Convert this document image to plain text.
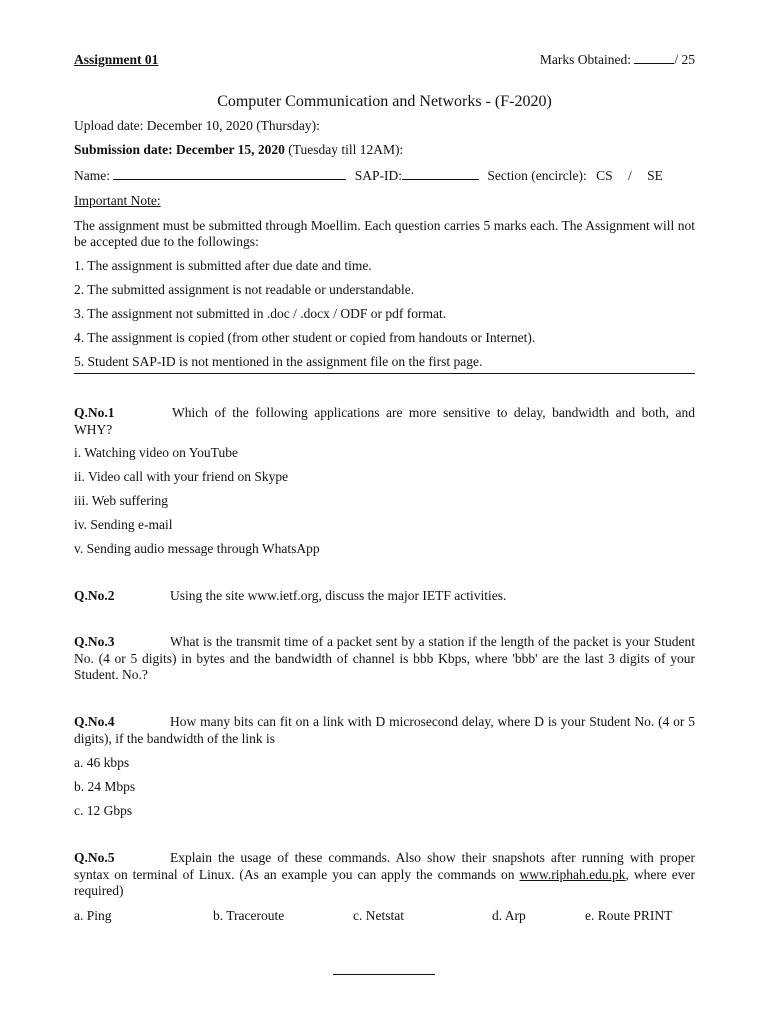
Assignment 01	Marks Obtained:	/ 25
Computer Communication and Networks - (F-2020)
Upload date: December 10, 2020 (Thursday):
Submission date: December 15, 2020 (Tuesday till 12AM):
Name:	SAP-ID:	Section (encircle): CS / SE
Important Note:
The assignment must be submitted through Moellim. Each question carries 5 marks each. The Assignment will not be accepted due to the followings:

1. The assignment is submitted after due date and time.

2. The submitted assignment is not readable or understandable.

3. The assignment not submitted in .doc / .docx / ODF or pdf format.

4. The assignment is copied (from other student or copied from handouts or Internet).

5. Student SAP-ID is not mentioned in the assignment file on the first page.

Q.No.1	Which of the following applications are more sensitive to delay, bandwidth and both, and WHY?
i. Watching video on YouTube
ii. Video call with your friend on Skype
iii. Web suffering
iv. Sending e-mail
v. Sending audio message through WhatsApp
Q.No.2	Using the site www.ietf.org, discuss the major IETF activities.
Q.No.3	What is the transmit time of a packet sent by a station if the length of the packet is your Student No. (4 or 5 digits) in bytes and the bandwidth of channel is bbb Kbps, where 'bbb' are the last 3 digits of your Student. No.?
Q.No.4	How many bits can fit on a link with D microsecond delay, where D is your Student No. (4 or 5 digits), if the bandwidth of the link is
a. 46 kbps
b. 24 Mbps
c. 12 Gbps
Q.No.5	Explain the usage of these commands. Also show their snapshots after running with proper syntax on terminal of Linux. (As an example you can apply the commands on www.riphah.edu.pk, where ever required)
a. Ping	b. Traceroute	c. Netstat	d. Arp	e. Route PRINT
